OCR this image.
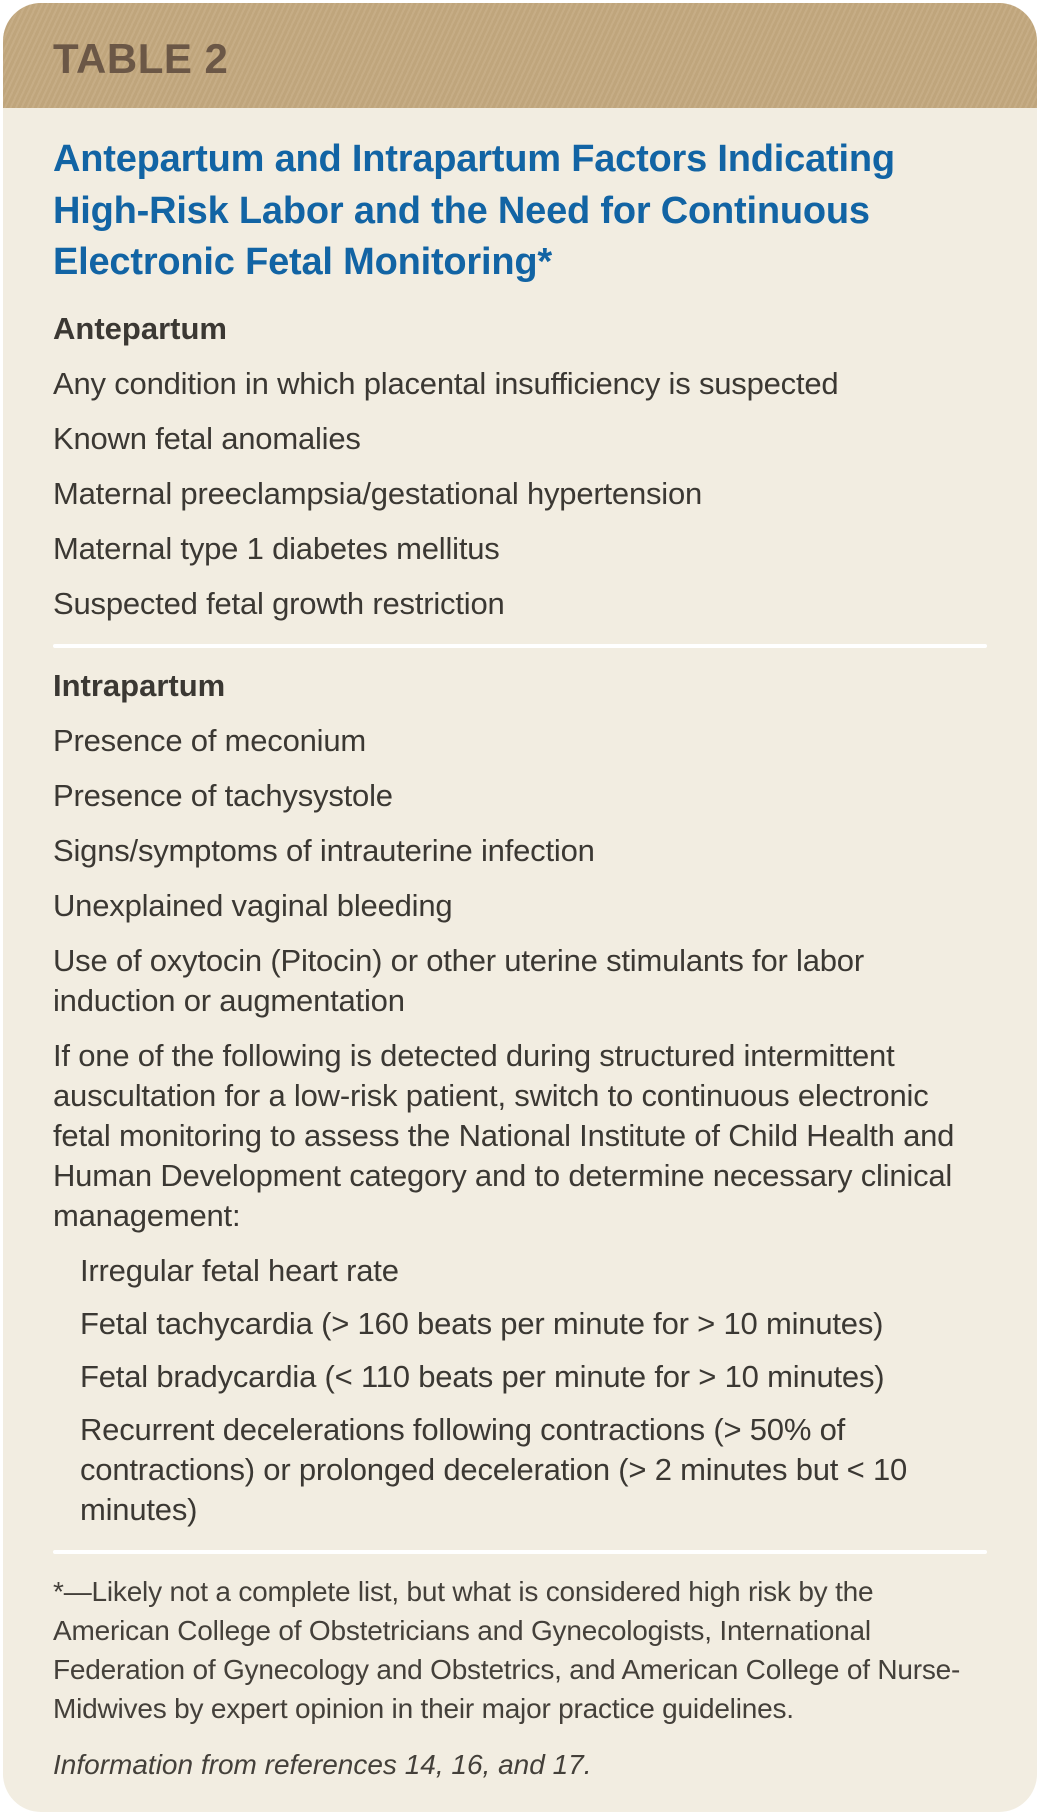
TABLE 2
Antepartum and Intrapartum Factors Indicating High-Risk Labor and the Need for Continuous Electronic Fetal Monitoring*
Antepartum
Any condition in which placental insufficiency is suspected
Known fetal anomalies
Maternal preeclampsia/gestational hypertension
Maternal type 1 diabetes mellitus
Suspected fetal growth restriction
Intrapartum
Presence of meconium
Presence of tachysystole
Signs/symptoms of intrauterine infection
Unexplained vaginal bleeding
Use of oxytocin (Pitocin) or other uterine stimulants for labor induction or augmentation
If one of the following is detected during structured intermittent auscultation for a low-risk patient, switch to continuous electronic fetal monitoring to assess the National Institute of Child Health and Human Development category and to determine necessary clinical management:
Irregular fetal heart rate
Fetal tachycardia (> 160 beats per minute for > 10 minutes)
Fetal bradycardia (< 110 beats per minute for > 10 minutes)
Recurrent decelerations following contractions (> 50% of contractions) or prolonged deceleration (> 2 minutes but < 10 minutes)
*—Likely not a complete list, but what is considered high risk by the American College of Obstetricians and Gynecologists, International Federation of Gynecology and Obstetrics, and American College of Nurse-Midwives by expert opinion in their major practice guidelines.
Information from references 14, 16, and 17.
